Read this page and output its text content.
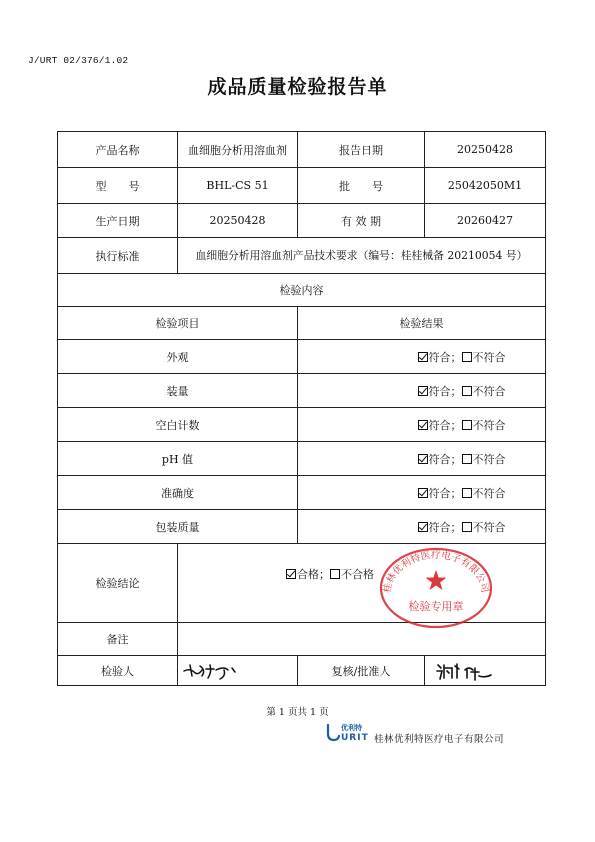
J/URT 02/376/1.02
成品质量检验报告单
产品名称	血细胞分析用溶血剂	报告日期	20250428
型　　号	BHL-CS 51	批　　号	25042050M1
生产日期	20250428	有 效 期	20260427
执行标准	血细胞分析用溶血剂产品技术要求（编号：桂桂械备 20210054 号）		
检验内容			
检验项目		检验结果	
外观		符合； 不符合	

装量		符合； 不符合	

空白计数		符合； 不符合	

pH 值		符合； 不符合	

准确度		符合； 不符合	

包装质量		符合； 不符合	

检验结论	合格； 不合格
桂林优利特医疗电子有限公司
检验专用章		

备注			
检验人		复核/批准人	
第 1 页共 1 页
优利特
URIT 桂林优利特医疗电子有限公司
